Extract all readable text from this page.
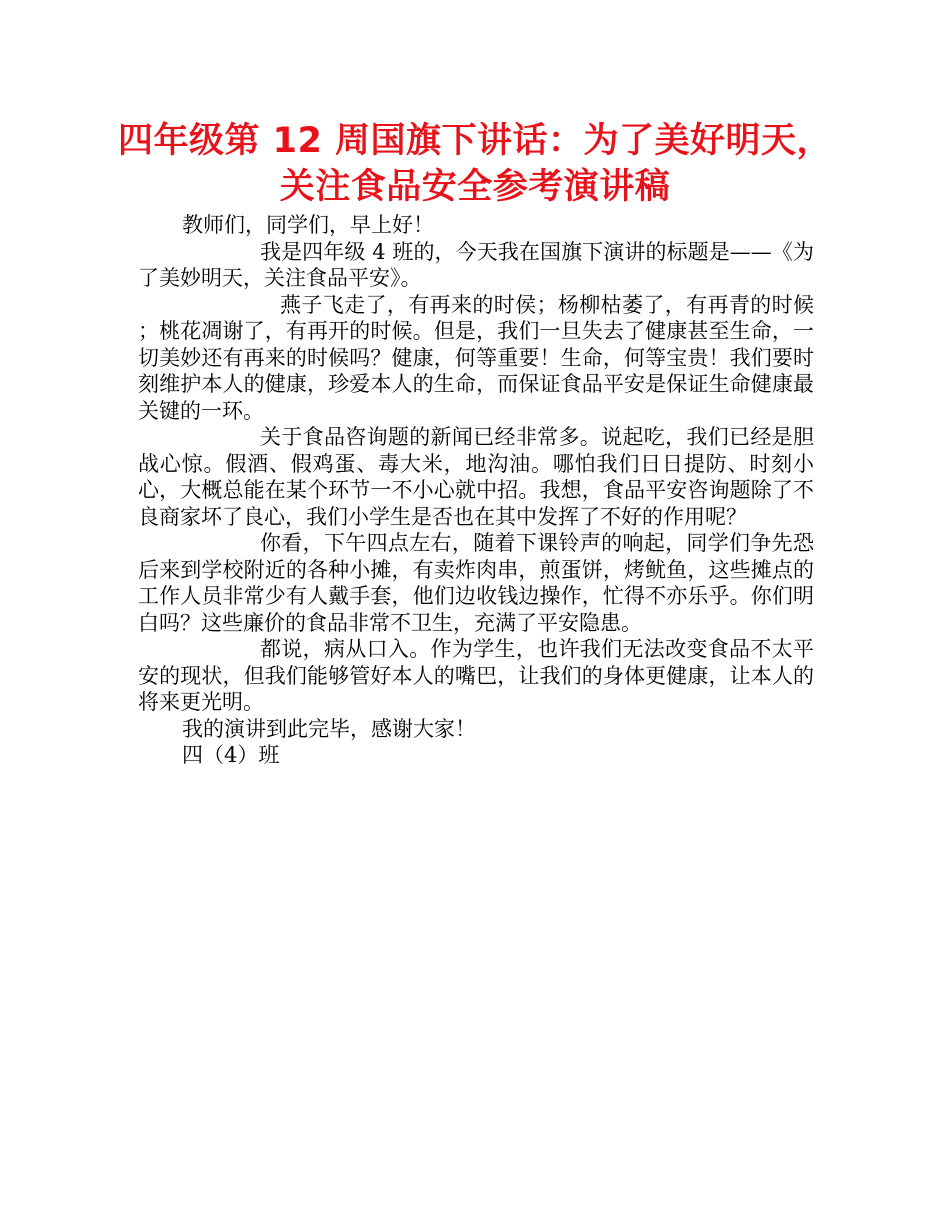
四年级第 12 周国旗下讲话：为了美好明天，
关注食品安全参考演讲稿

教师们，同学们，早上好！

我是四年级 4 班的，今天我在国旗下演讲的标题是——《为了美妙明天，关注食品平安》。

燕子飞走了，有再来的时侯；杨柳枯萎了，有再青的时候 ；桃花凋谢了，有再开的时候。但是，我们一旦失去了健康甚至生命，一切美妙还有再来的时候吗？健康，何等重要！生命，何等宝贵！我们要时刻维护本人的健康，珍爱本人的生命，而保证食品平安是保证生命健康最关键的一环。

关于食品咨询题的新闻已经非常多。说起吃，我们已经是胆战心惊。假酒、假鸡蛋、毒大米，地沟油。哪怕我们日日提防、时刻小心，大概总能在某个环节一不小心就中招。我想，食品平安咨询题除了不良商家坏了良心，我们小学生是否也在其中发挥了不好的作用呢？

你看，下午四点左右，随着下课铃声的响起，同学们争先恐后来到学校附近的各种小摊，有卖炸肉串，煎蛋饼，烤鱿鱼，这些摊点的工作人员非常少有人戴手套，他们边收钱边操作，忙得不亦乐乎。你们明白吗？这些廉价的食品非常不卫生，充满了平安隐患。

都说，病从口入。作为学生，也许我们无法改变食品不太平安的现状，但我们能够管好本人的嘴巴，让我们的身体更健康，让本人的将来更光明。

我的演讲到此完毕，感谢大家！

四（4）班
